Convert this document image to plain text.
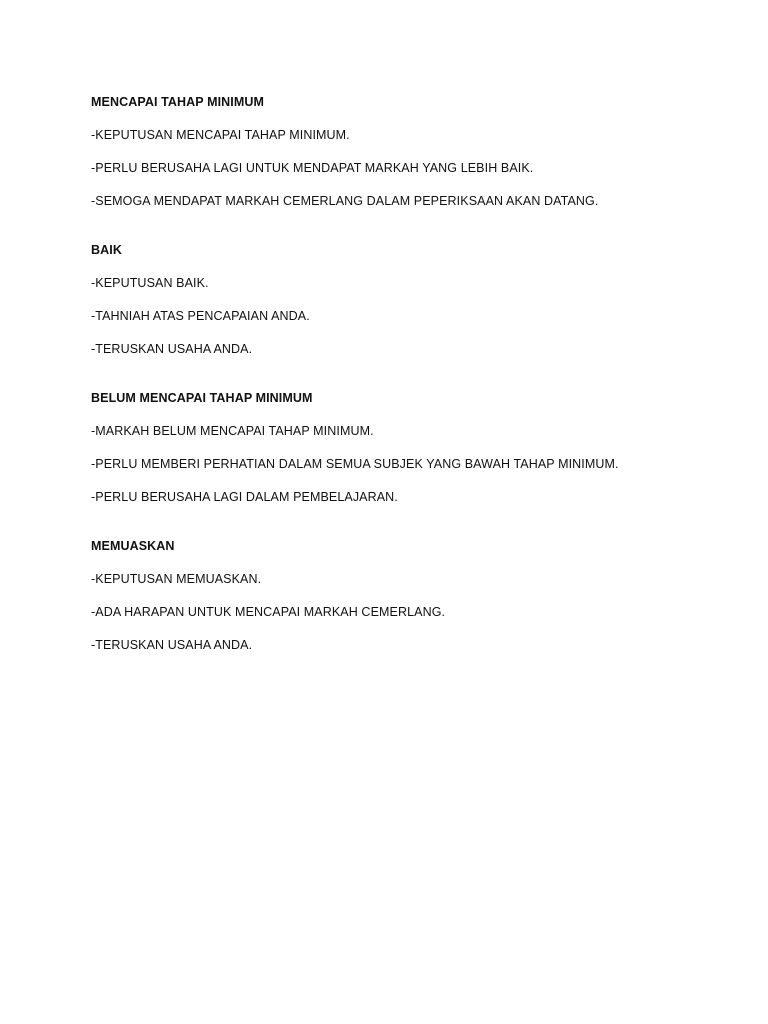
MENCAPAI TAHAP MINIMUM
-KEPUTUSAN MENCAPAI TAHAP MINIMUM.
-PERLU BERUSAHA LAGI UNTUK MENDAPAT MARKAH YANG LEBIH BAIK.
-SEMOGA MENDAPAT MARKAH CEMERLANG DALAM PEPERIKSAAN AKAN DATANG.
BAIK
-KEPUTUSAN BAIK.
-TAHNIAH ATAS PENCAPAIAN ANDA.
-TERUSKAN USAHA ANDA.
BELUM MENCAPAI TAHAP MINIMUM
-MARKAH BELUM MENCAPAI TAHAP MINIMUM.
-PERLU MEMBERI PERHATIAN DALAM SEMUA SUBJEK YANG BAWAH TAHAP MINIMUM.
-PERLU BERUSAHA LAGI DALAM PEMBELAJARAN.
MEMUASKAN
-KEPUTUSAN MEMUASKAN.
-ADA HARAPAN UNTUK MENCAPAI MARKAH CEMERLANG.
-TERUSKAN USAHA ANDA.
